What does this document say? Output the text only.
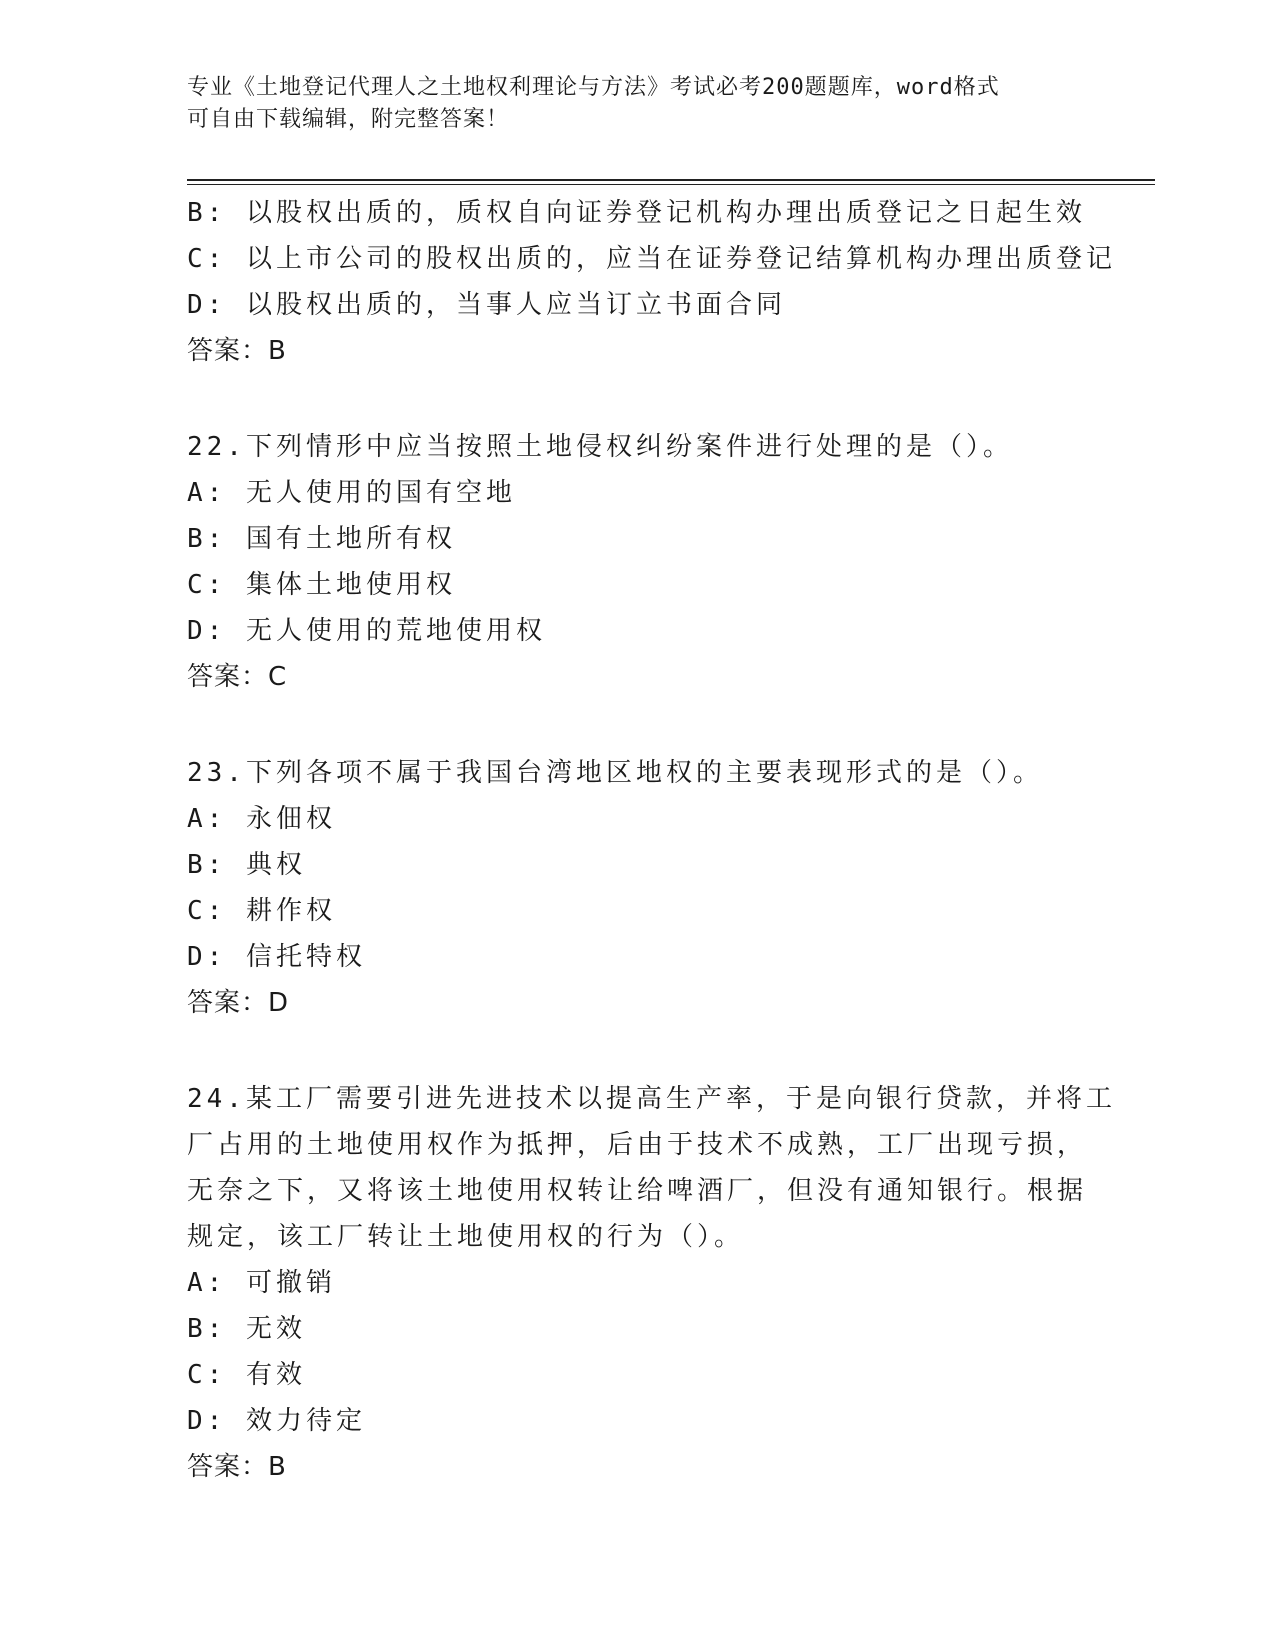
专业《土地登记代理人之土地权利理论与方法》考试必考200题题库，word格式
可自由下载编辑，附完整答案！
B: 以股权出质的，质权自向证券登记机构办理出质登记之日起生效
C: 以上市公司的股权出质的，应当在证券登记结算机构办理出质登记
D: 以股权出质的，当事人应当订立书面合同
答案：B
22.下列情形中应当按照土地侵权纠纷案件进行处理的是（）。
A: 无人使用的国有空地
B: 国有土地所有权
C: 集体土地使用权
D: 无人使用的荒地使用权
答案：C
23.下列各项不属于我国台湾地区地权的主要表现形式的是（）。
A: 永佃权
B: 典权
C: 耕作权
D: 信托特权
答案：D
24.某工厂需要引进先进技术以提高生产率，于是向银行贷款，并将工
厂占用的土地使用权作为抵押，后由于技术不成熟，工厂出现亏损，
无奈之下，又将该土地使用权转让给啤酒厂，但没有通知银行。根据
规定，该工厂转让土地使用权的行为（）。
A: 可撤销
B: 无效
C: 有效
D: 效力待定
答案：B
